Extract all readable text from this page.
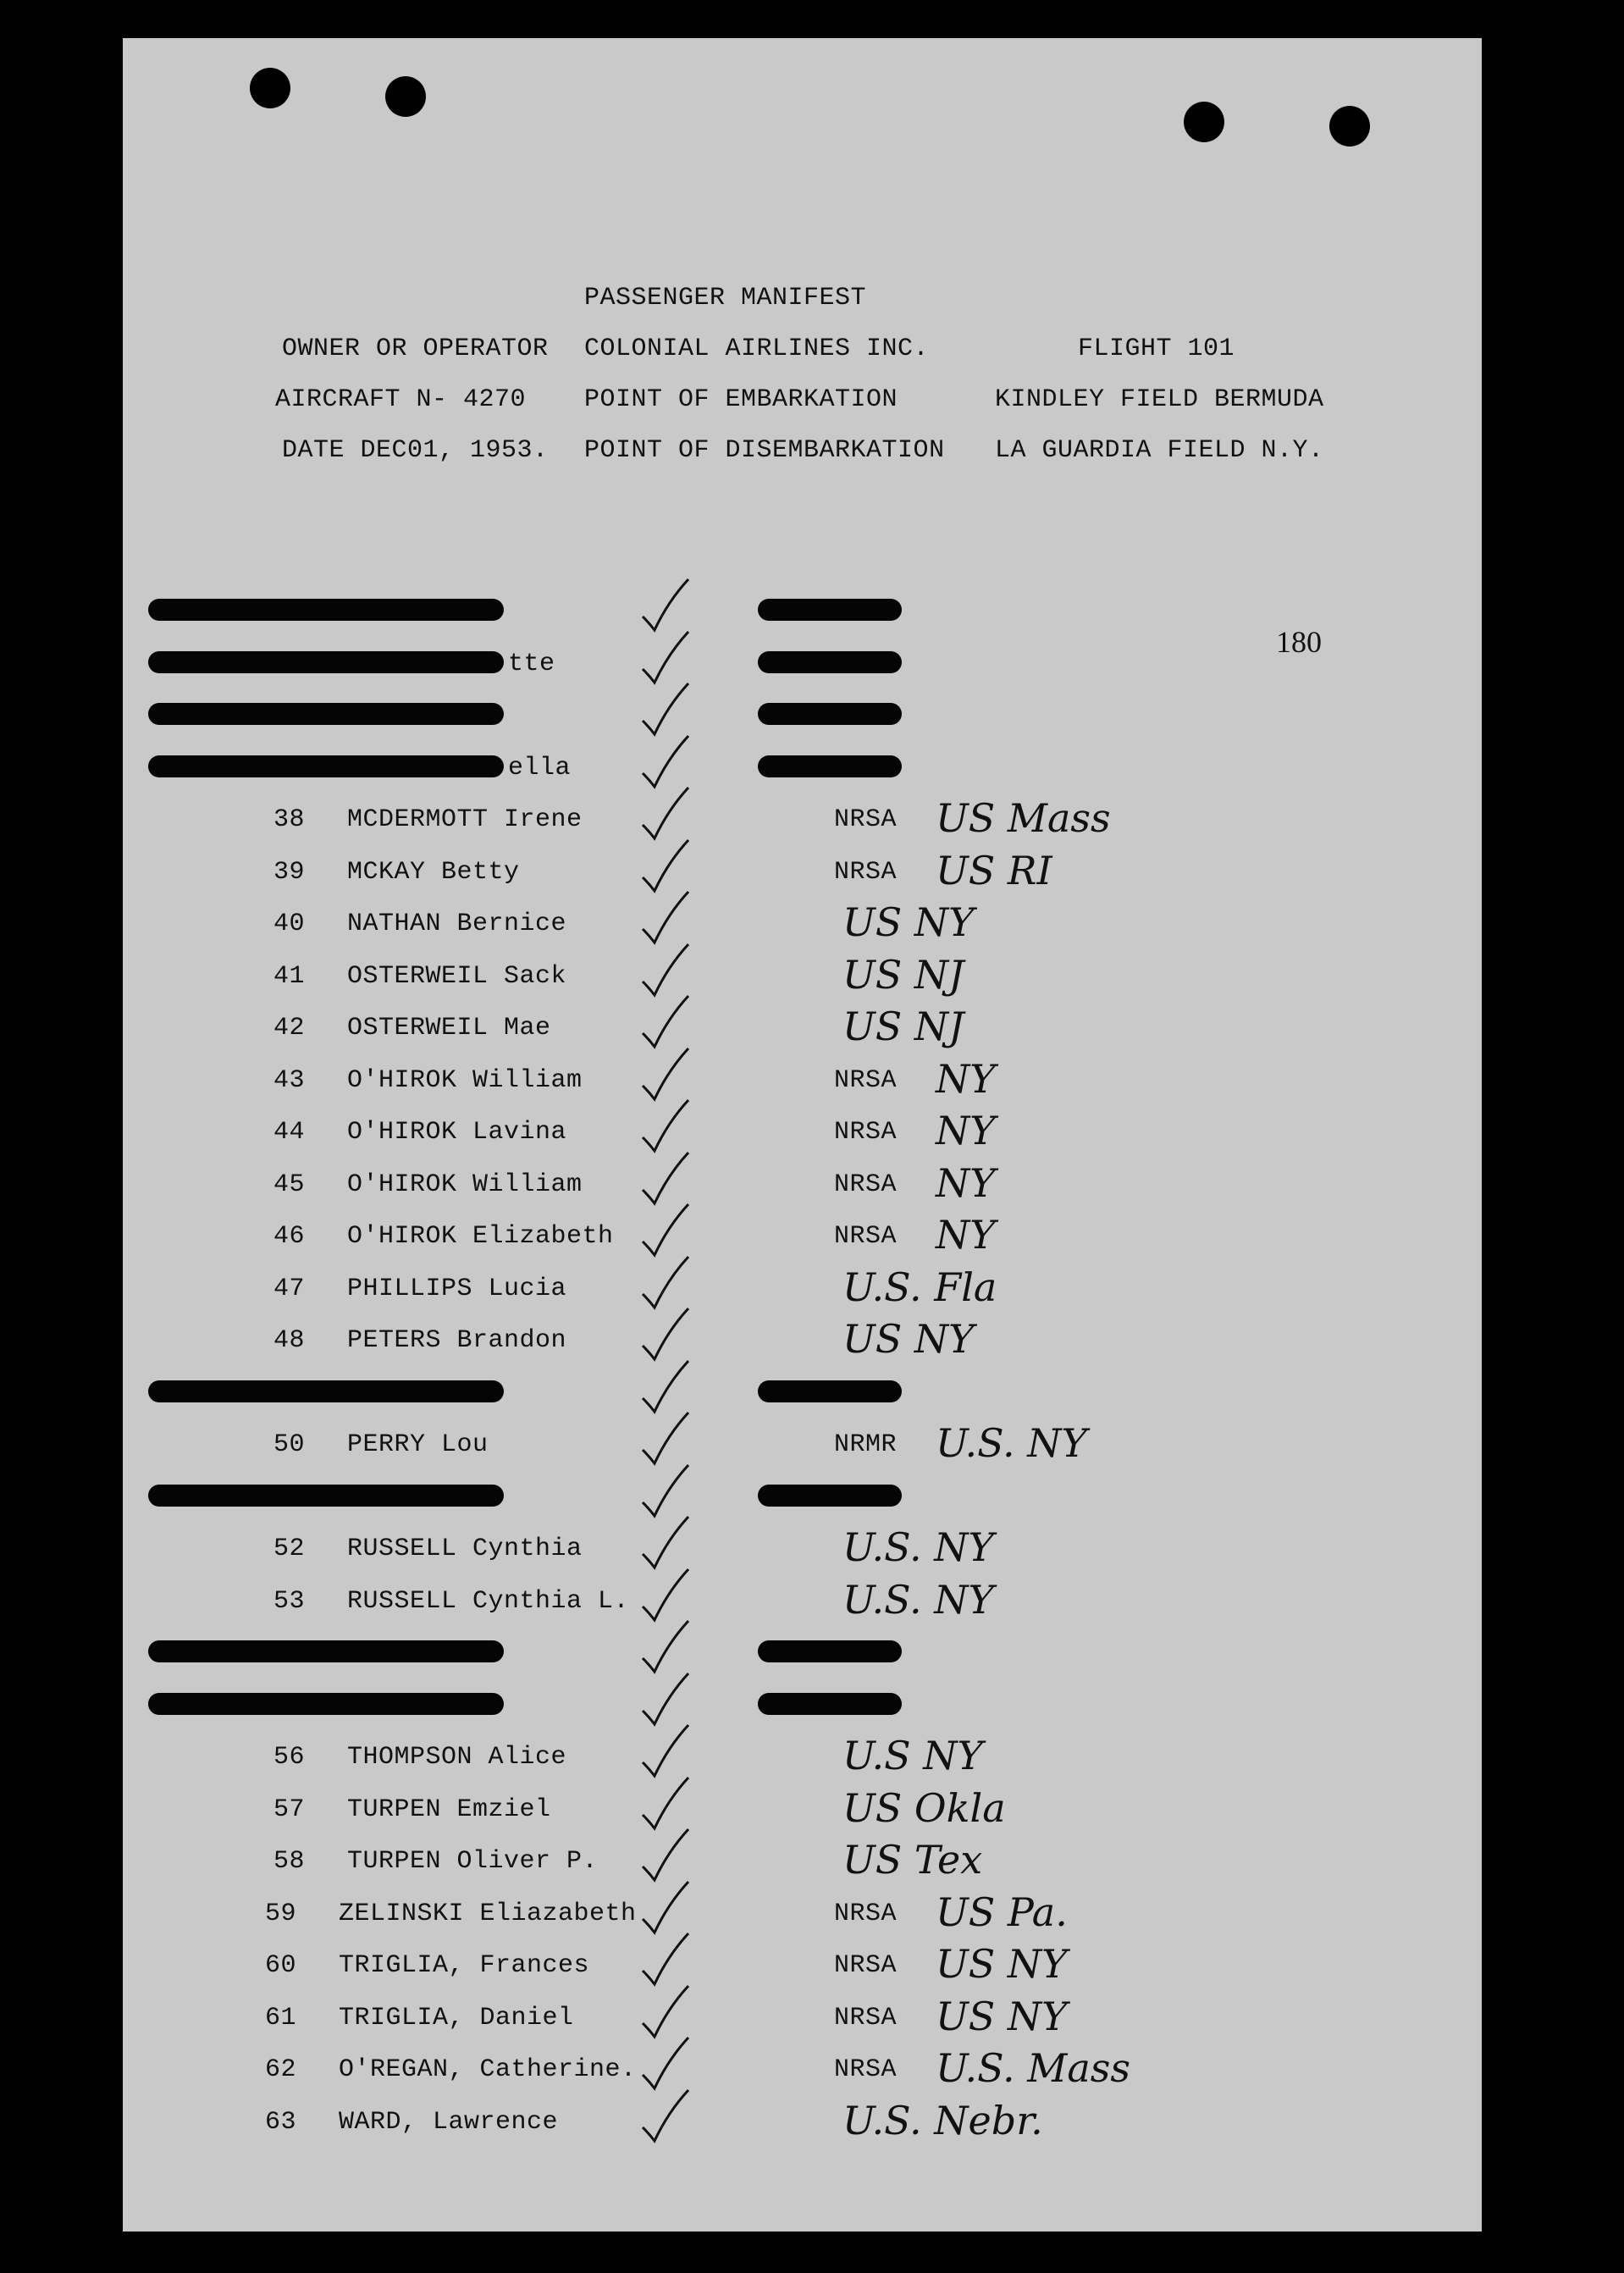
PASSENGER MANIFEST
OWNER OR OPERATOR COLONIAL AIRLINES INC.	FLIGHT 101
AIRCRAFT N- 4270 POINT OF EMBARKATION	KINDLEY FIELD BERMUDA
DATE DEC01, 1953. POINT OF DISEMBARKATION LA GUARDIA FIELD N.Y.
180
38 MCDERMOTT Irene	NRSA US Mass
39 MCKAY Betty	NRSA US RI
40 NATHAN Bernice	US NY
41 OSTERWEIL Sack	US NJ
42 OSTERWEIL Mae	US NJ
43 O'HIROK William	NRSA NY
44 O'HIROK Lavina	NRSA NY
45 O'HIROK William	NRSA NY
46 O'HIROK Elizabeth	NRSA NY
47 PHILLIPS Lucia	U.S. Fla
48 PETERS Brandon	US NY
50 PERRY Lou	NRMR U.S. NY
52 RUSSELL Cynthia	U.S. NY
53 RUSSELL Cynthia L.	U.S. NY
56 THOMPSON Alice	U.S NY
57 TURPEN Emziel	US Okla
58 TURPEN Oliver P.	US Tex
59 ZELINSKI Eliazabeth	NRSA US Pa.
60 TRIGLIA, Frances	NRSA US NY
61 TRIGLIA, Daniel	NRSA US NY
62 O'REGAN, Catherine.	NRSA U.S. Mass
63 WARD, Lawrence	U.S. Nebr.
tte
ella
